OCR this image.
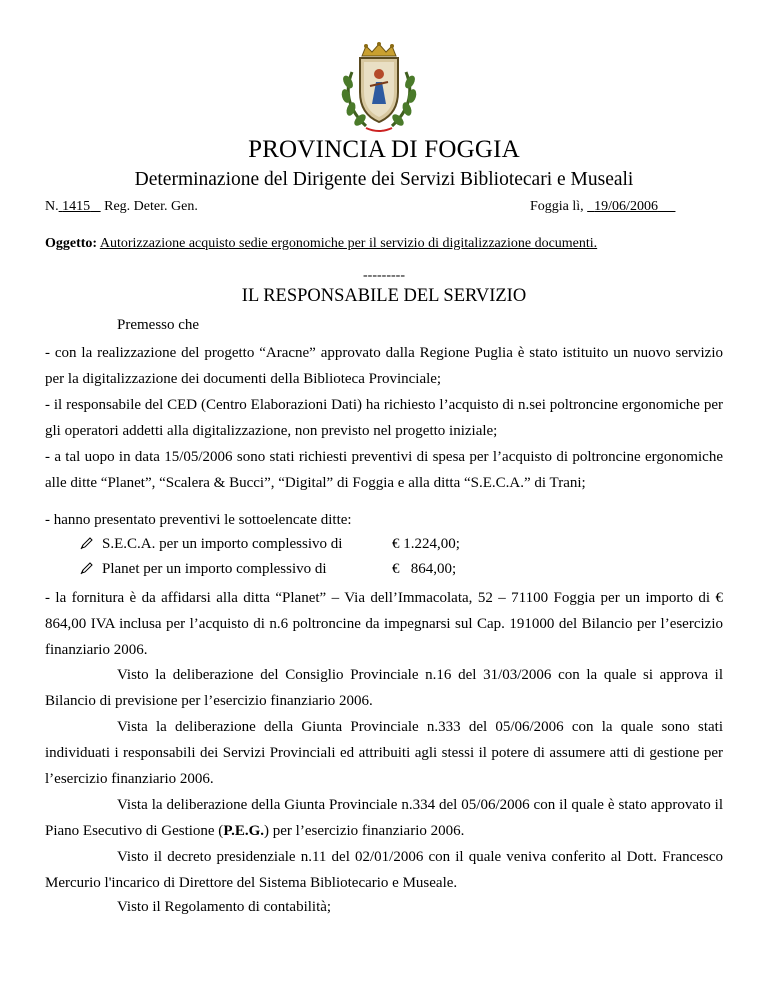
PROVINCIA DI FOGGIA
Determinazione del Dirigente dei Servizi Bibliotecari e Museali
N. 1415 Reg. Deter. Gen.	Foggia lì, 19/06/2006
Oggetto: Autorizzazione acquisto sedie ergonomiche per il servizio di digitalizzazione documenti.
---------
IL RESPONSABILE DEL SERVIZIO
Premesso che
- con la realizzazione del progetto “Aracne” approvato dalla Regione Puglia è stato istituito un nuovo servizio per la digitalizzazione dei documenti della Biblioteca Provinciale;
- il responsabile del CED (Centro Elaborazioni Dati) ha richiesto l’acquisto di n.sei poltroncine ergonomiche per gli operatori addetti alla digitalizzazione, non previsto nel progetto iniziale;
- a tal uopo in data 15/05/2006 sono stati richiesti preventivi di spesa per l’acquisto di poltroncine ergonomiche alle ditte “Planet”, “Scalera & Bucci”, “Digital” di Foggia e alla ditta “S.E.C.A.” di Trani;
- hanno presentato preventivi le sottoelencate ditte:
S.E.C.A. per un importo complessivo di	€ 1.224,00;
Planet per un importo complessivo di	€   864,00;
- la fornitura è da affidarsi alla ditta “Planet” – Via dell’Immacolata, 52 – 71100 Foggia per un importo di € 864,00 IVA inclusa per l’acquisto di n.6 poltroncine da impegnarsi sul Cap. 191000 del Bilancio per l’esercizio finanziario 2006.
Visto la deliberazione del Consiglio Provinciale n.16 del 31/03/2006 con la quale si approva il Bilancio di previsione per l’esercizio finanziario 2006.
Vista la deliberazione della Giunta Provinciale n.333 del 05/06/2006 con la quale sono stati individuati i responsabili dei Servizi Provinciali ed attribuiti agli stessi il potere di assumere atti di gestione per l’esercizio finanziario 2006.
Vista la deliberazione della Giunta Provinciale n.334 del 05/06/2006 con il quale è stato approvato il Piano Esecutivo di Gestione (P.E.G.) per l’esercizio finanziario 2006.
Visto il decreto presidenziale n.11 del 02/01/2006 con il quale veniva conferito al Dott. Francesco Mercurio l'incarico di Direttore del Sistema Bibliotecario e Museale.
Visto il Regolamento di contabilità;
